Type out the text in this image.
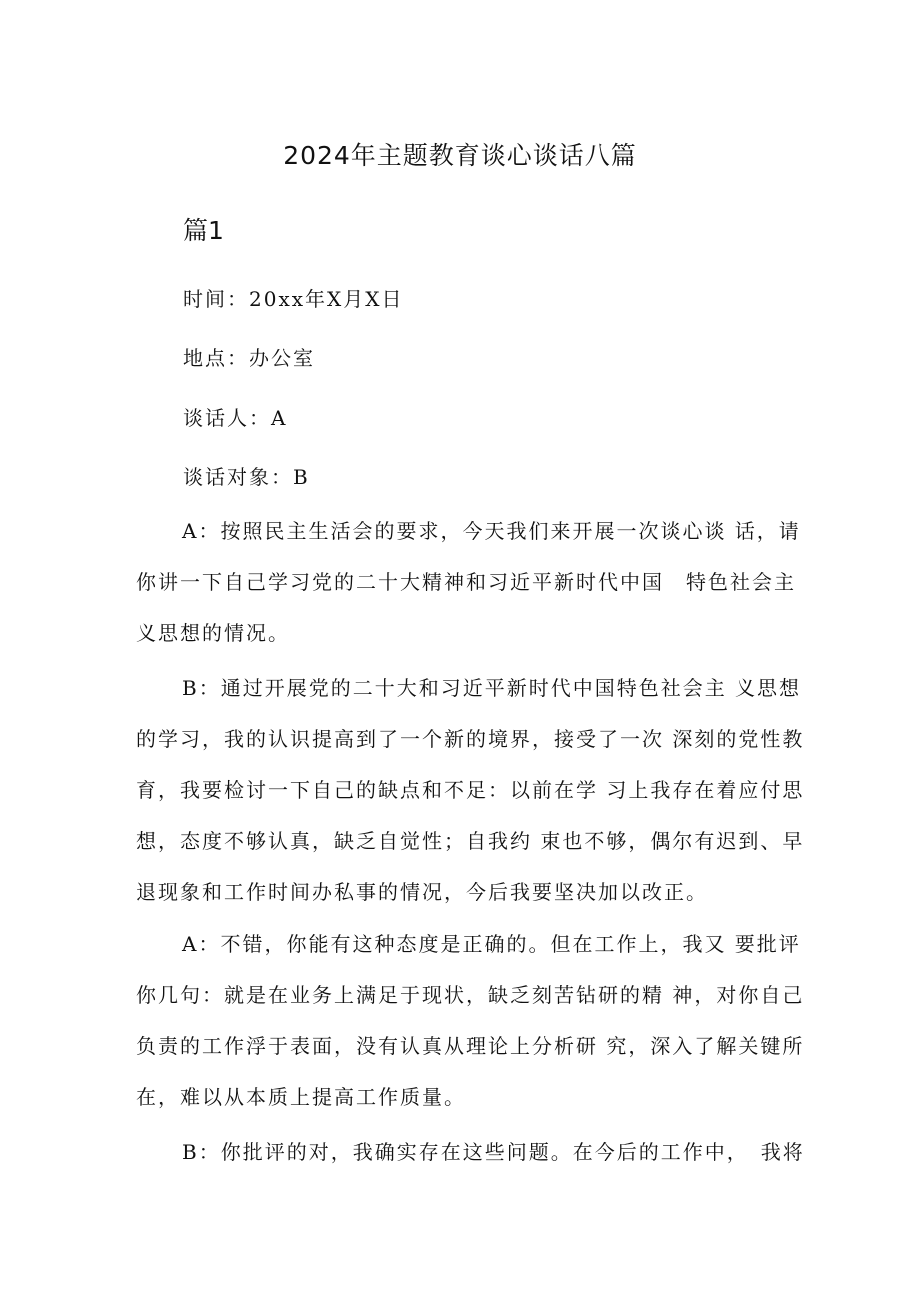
2024年主题教育谈心谈话八篇
篇1

时间：20xx年X月X日

地点：办公室

谈话人：A

谈话对象：B

A：按照民主生活会的要求，今天我们来开展一次谈心谈 话，请
你讲一下自己学习党的二十大精神和习近平新时代中国　特色社会主
义思想的情况。
B：通过开展党的二十大和习近平新时代中国特色社会主 义思想
的学习，我的认识提高到了一个新的境界，接受了一次 深刻的党性教
育，我要检讨一下自己的缺点和不足：以前在学 习上我存在着应付思
想，态度不够认真，缺乏自觉性；自我约 束也不够，偶尔有迟到、早
退现象和工作时间办私事的情况，今后我要坚决加以改正。
A：不错，你能有这种态度是正确的。但在工作上，我又 要批评
你几句：就是在业务上满足于现状，缺乏刻苦钻研的精 神，对你自己
负责的工作浮于表面，没有认真从理论上分析研 究，深入了解关键所
在，难以从本质上提高工作质量。
B：你批评的对，我确实存在这些问题。在今后的工作中，　我将
